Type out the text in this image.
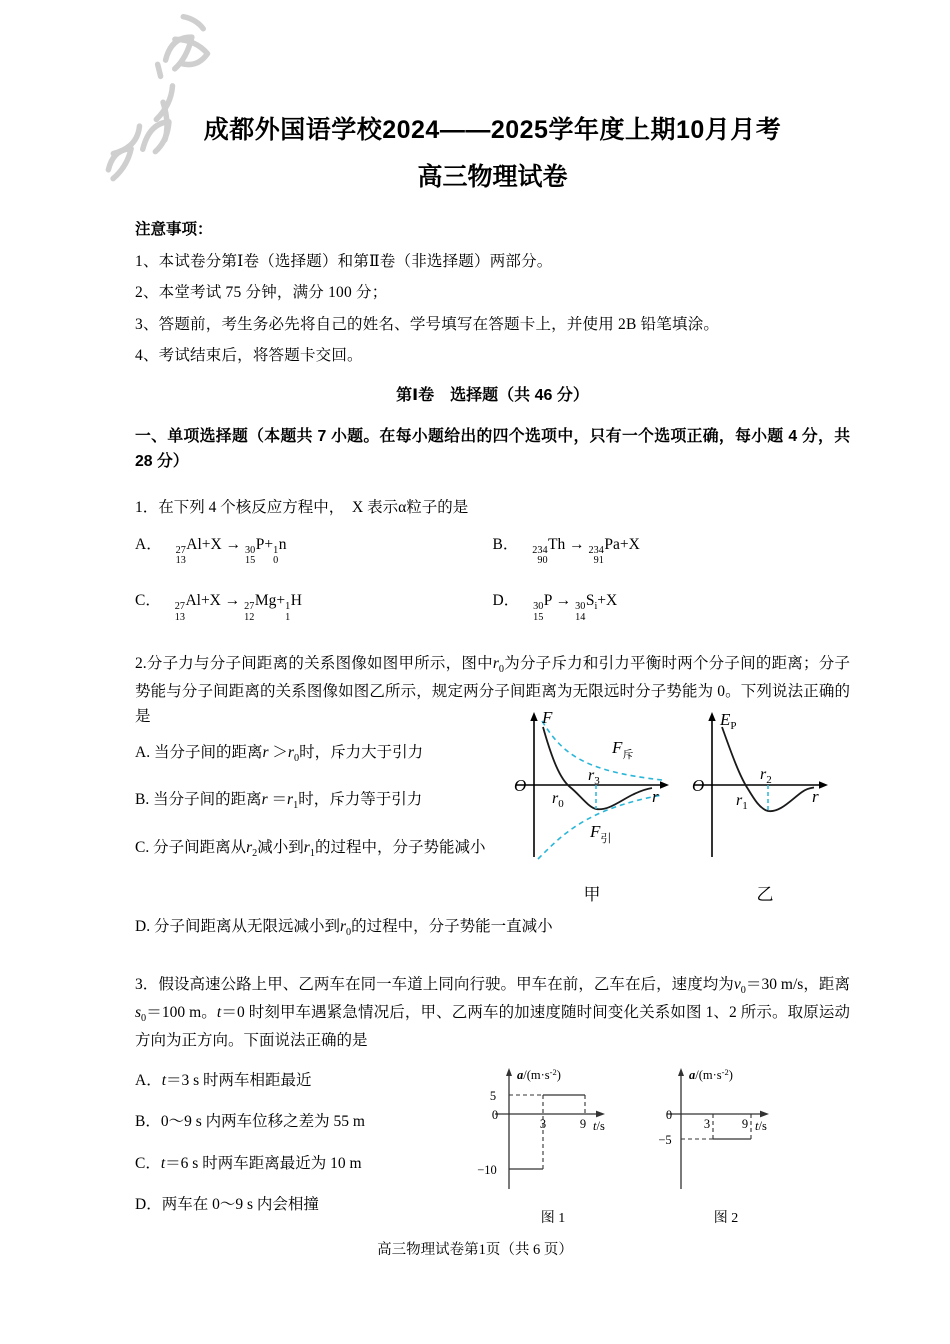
成都外国语学校2024——2025学年度上期10月月考
高三物理试卷
注意事项：
1、本试卷分第Ⅰ卷（选择题）和第Ⅱ卷（非选择题）两部分。
2、本堂考试 75 分钟，满分 100 分；
3、答题前，考生务必先将自己的姓名、学号填写在答题卡上，并使用 2B 铅笔填涂。
4、考试结束后，将答题卡交回。
第Ⅰ卷　选择题（共 46 分）
一、单项选择题（本题共 7 小题。在每小题给出的四个选项中，只有一个选项正确，每小题 4 分，共 28 分）
1．在下列 4 个核反应方程中，　X 表示α粒子的是
A． 27
13
Al+X → 30
15
P+ 1
0
n	B． 234
90
Th → 234
91
Pa+X
C． 27
13
Al+X → 27
12
Mg+ 1
1
H	D． 30
15
P → 30
14
$S_i+X$
2.分子力与分子间距离的关系图像如图甲所示，图中$r_0$为分子斥力和引力平衡时两个分子间的距离；分子势能与分子间距离的关系图像如图乙所示，规定两分子间距离为无限远时分子势能为 0。下列说法正确的是
A. 当分子间的距离$r >r_0$时，斥力大于引力
B. 当分子间的距离$r =r_1$时，斥力等于引力
C. 分子间距离从$r_2$减小到$r_1$的过程中，分子势能减小
F
O
r
$r_0$
$r_3$
$F_斥$
$F_引$
甲
$E_P$
O
r
$r_1$
$r_2$
乙
D. 分子间距离从无限远减小到$r_0$的过程中，分子势能一直减小
3．假设高速公路上甲、乙两车在同一车道上同向行驶。甲车在前，乙车在后，速度均为$v_0=30$ m/s，距离$s_0=100$ m。t＝0 时刻甲车遇紧急情况后，甲、乙两车的加速度随时间变化关系如图 1、2 所示。取原运动方向为正方向。下面说法正确的是
A．t＝3 s 时两车相距最近
B．0～9 s 内两车位移之差为 55 m
C．t＝6 s 时两车距离最近为 10 m
D．两车在 0～9 s 内会相撞
$a/(m\cdot s^{-2})$
5
0
−10
3	9 t/s
图 1
$a/(m\cdot s^{-2})$
0
−5
3	9 t/s
图 2
高三物理试卷第1页（共 6 页）
